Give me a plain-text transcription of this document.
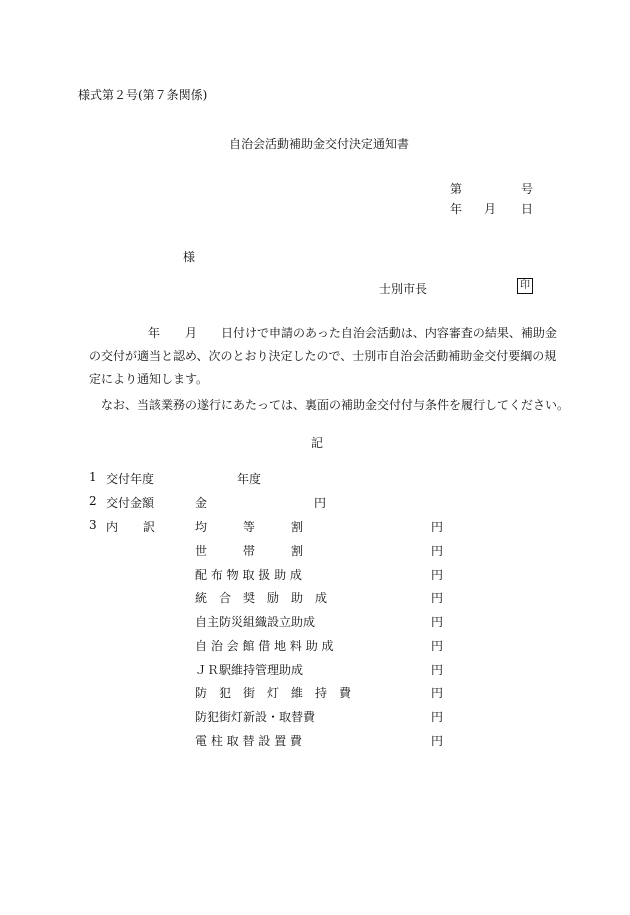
様式第２号(第７条関係)
自治会活動補助金交付決定通知書
第	号
年 月 日
様
士別市長	印
年 月 日付けで申請のあった自治会活動は、内容審査の結果、補助金
の交付が適当と認め、次のとおり決定したので、士別市自治会活動補助金交付要綱の規
定により通知します。
なお、当該業務の遂行にあたっては、裏面の補助金交付付与条件を履行してください。
記
1 交付年度	年度
2 交付金額	金	円
3 内 訳	均　　　等　　　割	円
世　　　帯　　　割	円
配 布 物 取 扱 助 成	円
統　合　奨　励　助　成	円
自主防災組織設立助成	円
自 治 会 館 借 地 料 助 成	円
ＪＲ駅維持管理助成	円
防　犯　街　灯　維　持　費	円
防犯街灯新設・取替費	円
電 柱 取 替 設 置 費	円
